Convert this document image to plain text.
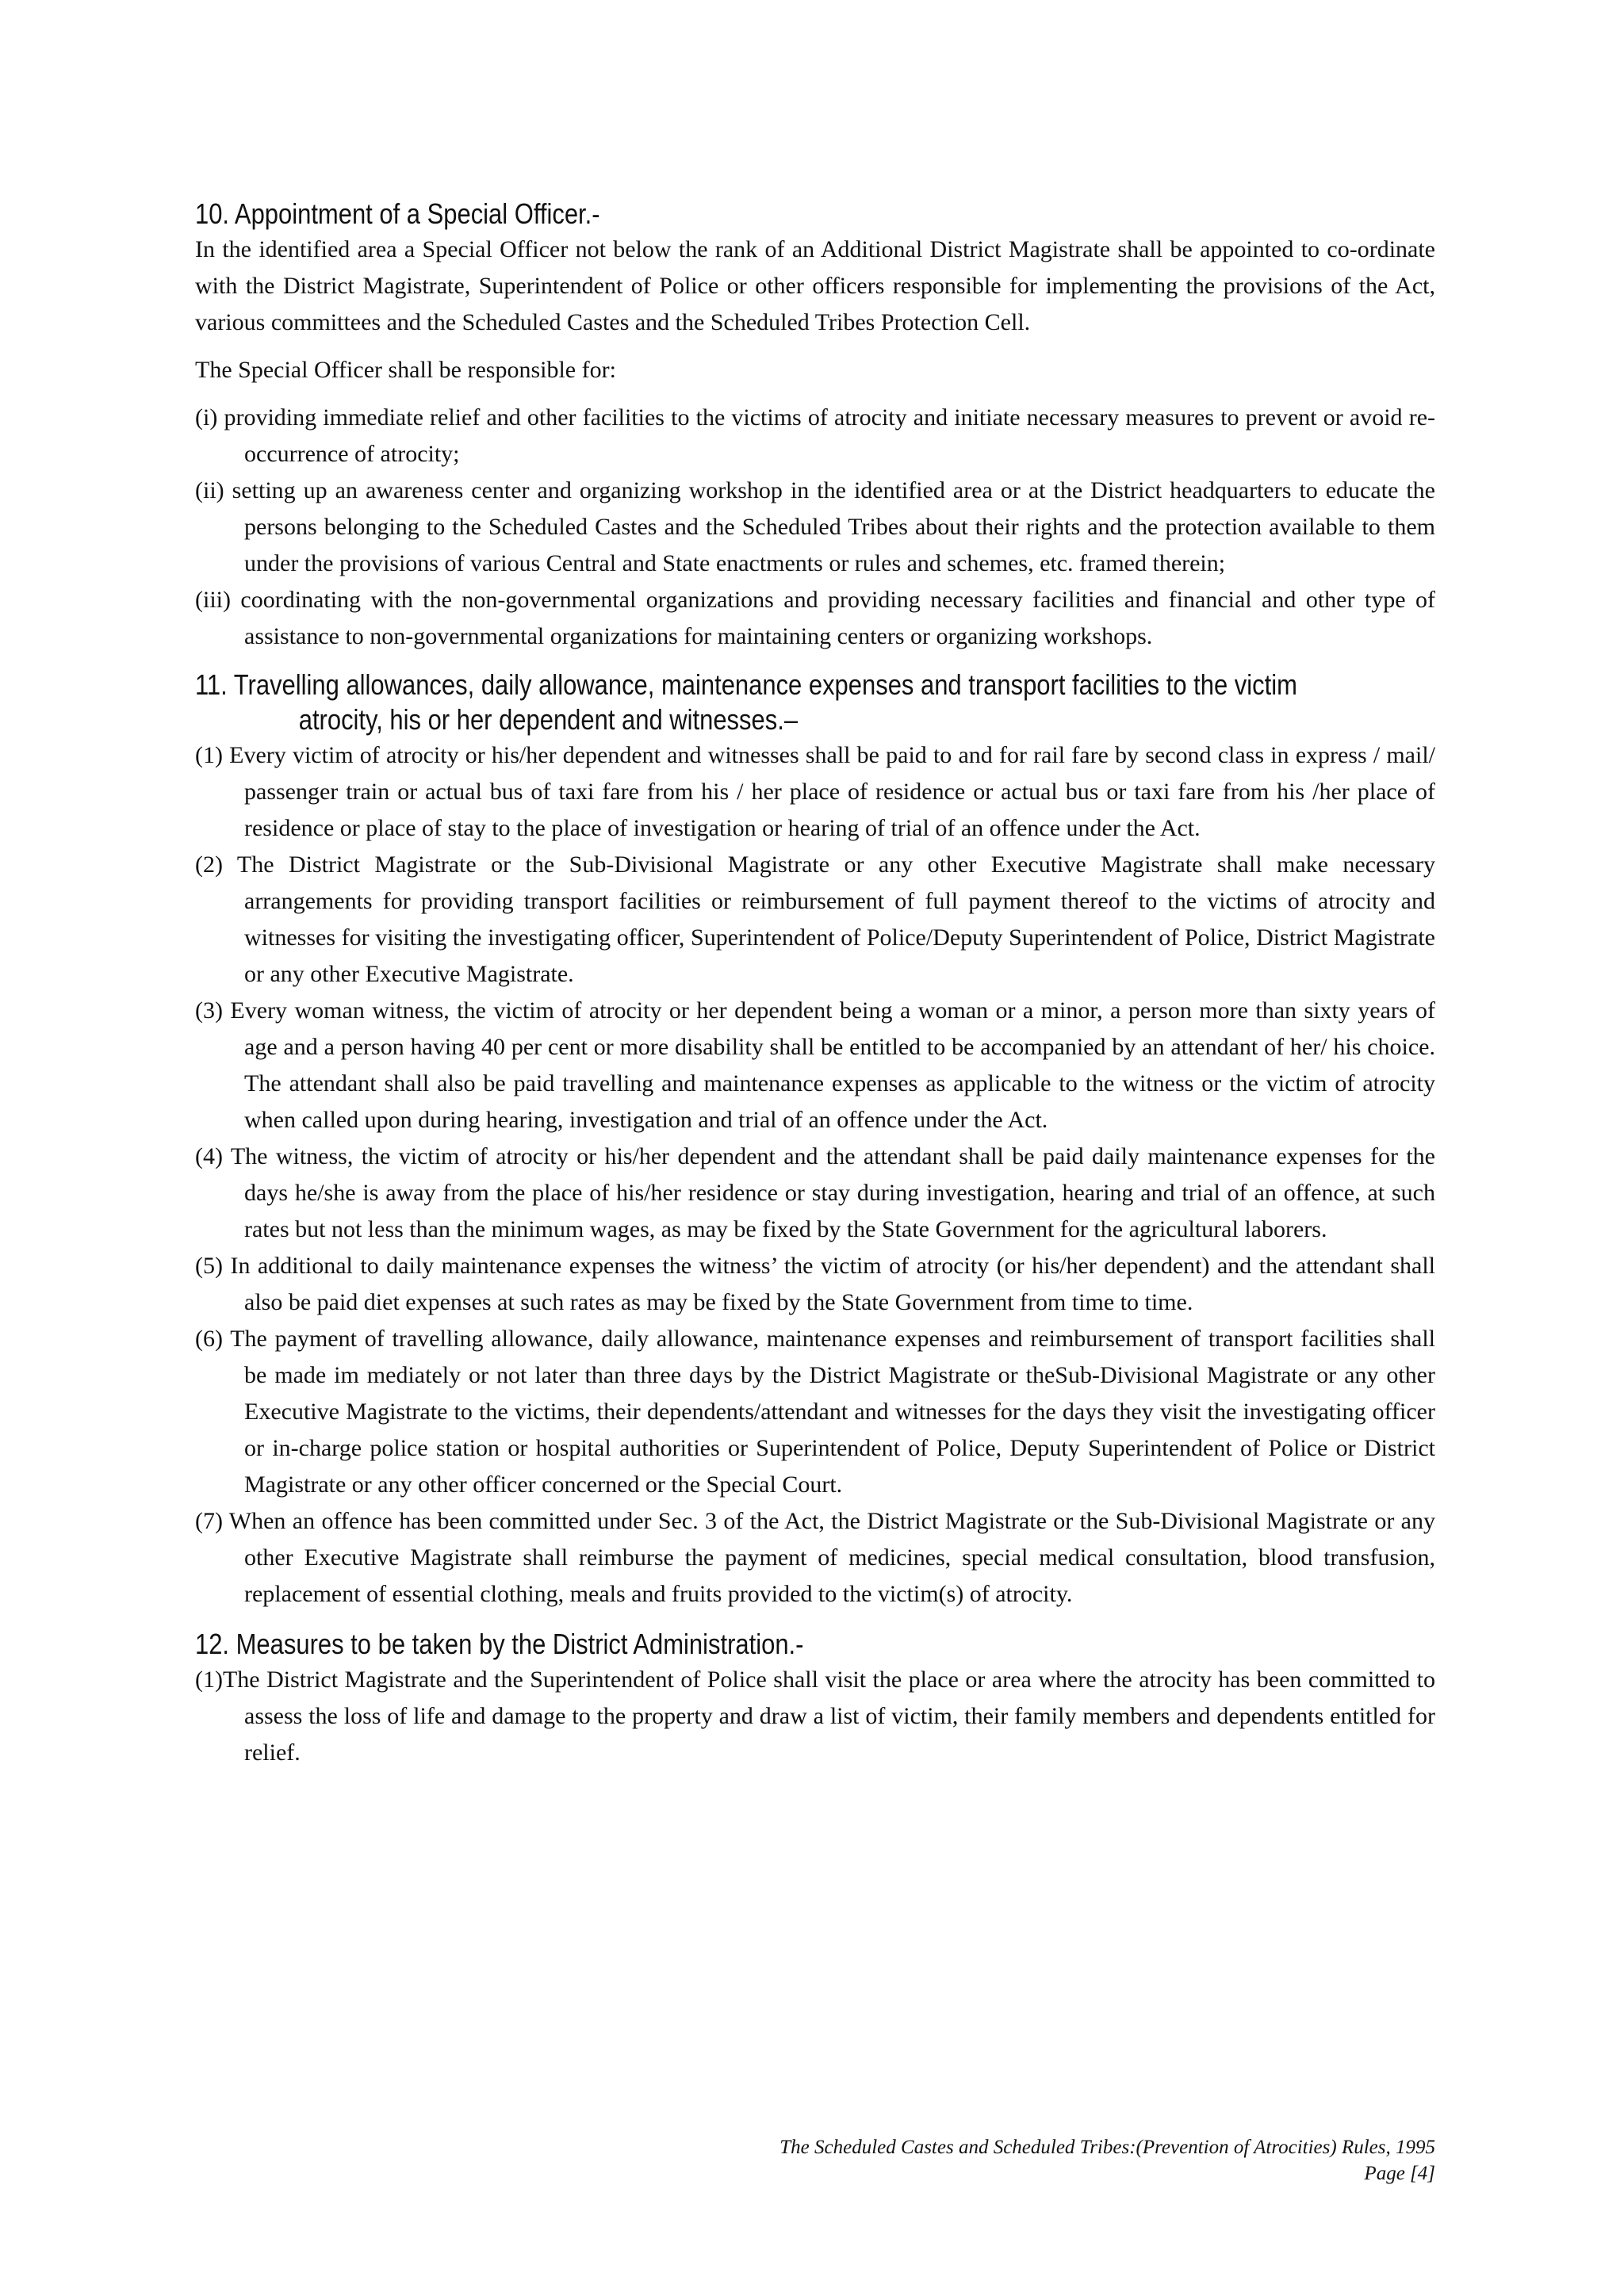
10. Appointment of a Special Officer.-

In the identified area a Special Officer not below the rank of an Additional District Magistrate shall be appointed to co-ordinate with the District Magistrate, Superintendent of Police or other officers responsible for implementing the provisions of the Act, various committees and the Scheduled Castes and the Scheduled Tribes Protection Cell.

The Special Officer shall be responsible for:

(i) providing immediate relief and other facilities to the victims of atrocity and initiate necessary measures to prevent or avoid re-occurrence of atrocity;
(ii) setting up an awareness center and organizing workshop in the identified area or at the District headquarters to educate the persons belonging to the Scheduled Castes and the Scheduled Tribes about their rights and the protection available to them under the provisions of various Central and State enactments or rules and schemes, etc. framed therein;
(iii) coordinating with the non-governmental organizations and providing necessary facilities and financial and other type of assistance to non-governmental organizations for maintaining centers or organizing workshops.
11. Travelling allowances, daily allowance, maintenance expenses and transport facilities to the victim
atrocity, his or her dependent and witnesses.–
(1) Every victim of atrocity or his/her dependent and witnesses shall be paid to and for rail fare by second class in express / mail/ passenger train or actual bus of taxi fare from his / her place of residence or actual bus or taxi fare from his /her place of residence or place of stay to the place of investigation or hearing of trial of an offence under the Act.
(2) The District Magistrate or the Sub-Divisional Magistrate or any other Executive Magistrate shall make necessary arrangements for providing transport facilities or reimbursement of full payment thereof to the victims of atrocity and witnesses for visiting the investigating officer, Superintendent of Police/Deputy Superintendent of Police, District Magistrate or any other Executive Magistrate.
(3) Every woman witness, the victim of atrocity or her dependent being a woman or a minor, a person more than sixty years of age and a person having 40 per cent or more disability shall be entitled to be accompanied by an attendant of her/ his choice. The attendant shall also be paid travelling and maintenance expenses as applicable to the witness or the victim of atrocity when called upon during hearing, investigation and trial of an offence under the Act.
(4) The witness, the victim of atrocity or his/her dependent and the attendant shall be paid daily maintenance expenses for the days he/she is away from the place of his/her residence or stay during investigation, hearing and trial of an offence, at such rates but not less than the minimum wages, as may be fixed by the State Government for the agricultural laborers.
(5) In additional to daily maintenance expenses the witness’ the victim of atrocity (or his/her dependent) and the attendant shall also be paid diet expenses at such rates as may be fixed by the State Government from time to time.
(6) The payment of travelling allowance, daily allowance, maintenance expenses and reimbursement of transport facilities shall be made im mediately or not later than three days by the District Magistrate or theSub-Divisional Magistrate or any other Executive Magistrate to the victims, their dependents/attendant and witnesses for the days they visit the investigating officer or in-charge police station or hospital authorities or Superintendent of Police, Deputy Superintendent of Police or District Magistrate or any other officer concerned or the Special Court.
(7) When an offence has been committed under Sec. 3 of the Act, the District Magistrate or the Sub-Divisional Magistrate or any other Executive Magistrate shall reimburse the payment of medicines, special medical consultation, blood transfusion, replacement of essential clothing, meals and fruits provided to the victim(s) of atrocity.
12. Measures to be taken by the District Administration.-
(1)The District Magistrate and the Superintendent of Police shall visit the place or area where the atrocity has been committed to assess the loss of life and damage to the property and draw a list of victim, their family members and dependents entitled for relief.
The Scheduled Castes and Scheduled Tribes:(Prevention of Atrocities) Rules, 1995
Page [4]
